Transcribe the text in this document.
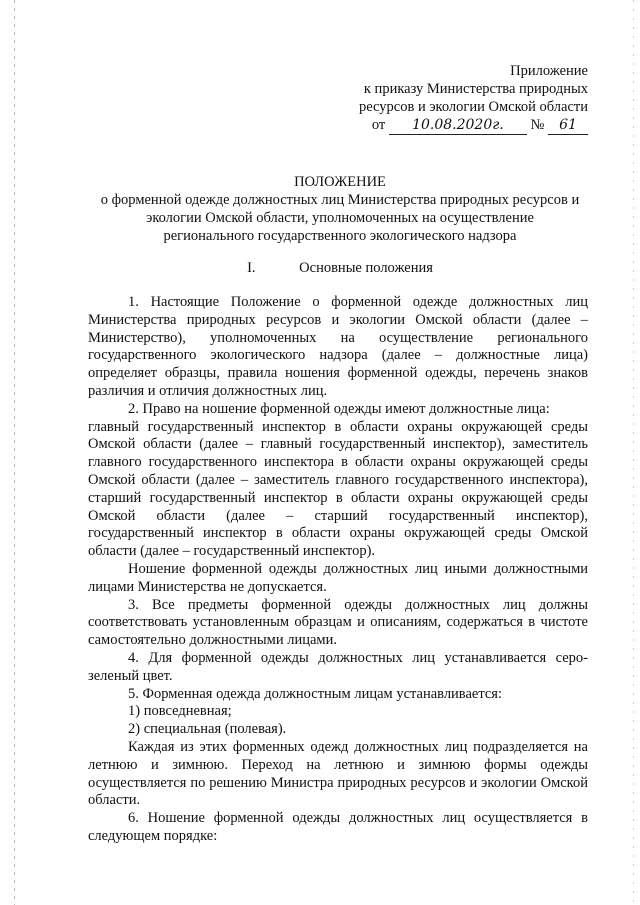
Приложение
к приказу Министерства природных
ресурсов и экологии Омской области
от 10.08.2020г. № 61
ПОЛОЖЕНИЕ
о форменной одежде должностных лиц Министерства природных ресурсов и
экологии Омской области, уполномоченных на осуществление
регионального государственного экологического надзора
I.	Основные положения

1. Настоящие Положение о форменной одежде должностных лиц Министерства природных ресурсов и экологии Омской области (далее – Министерство), уполномоченных на осуществление регионального государственного экологического надзора (далее – должностные лица) определяет образцы, правила ношения форменной одежды, перечень знаков различия и отличия должностных лиц.

2. Право на ношение форменной одежды имеют должностные лица:

главный государственный инспектор в области охраны окружающей среды Омской области (далее – главный государственный инспектор), заместитель главного государственного инспектора в области охраны окружающей среды Омской области (далее – заместитель главного государственного инспектора), старший государственный инспектор в области охраны окружающей среды Омской области (далее – старший государственный инспектор), государственный инспектор в области охраны окружающей среды Омской области (далее – государственный инспектор).

Ношение форменной одежды должностных лиц иными должностными лицами Министерства не допускается.

3. Все предметы форменной одежды должностных лиц должны соответствовать установленным образцам и описаниям, содержаться в чистоте самостоятельно должностными лицами.

4. Для форменной одежды должностных лиц устанавливается серо-зеленый цвет.

5. Форменная одежда должностным лицам устанавливается:

1) повседневная;

2) специальная (полевая).

Каждая из этих форменных одежд должностных лиц подразделяется на летнюю и зимнюю. Переход на летнюю и зимнюю формы одежды осуществляется по решению Министра природных ресурсов и экологии Омской области.

6. Ношение форменной одежды должностных лиц осуществляется в следующем порядке:
